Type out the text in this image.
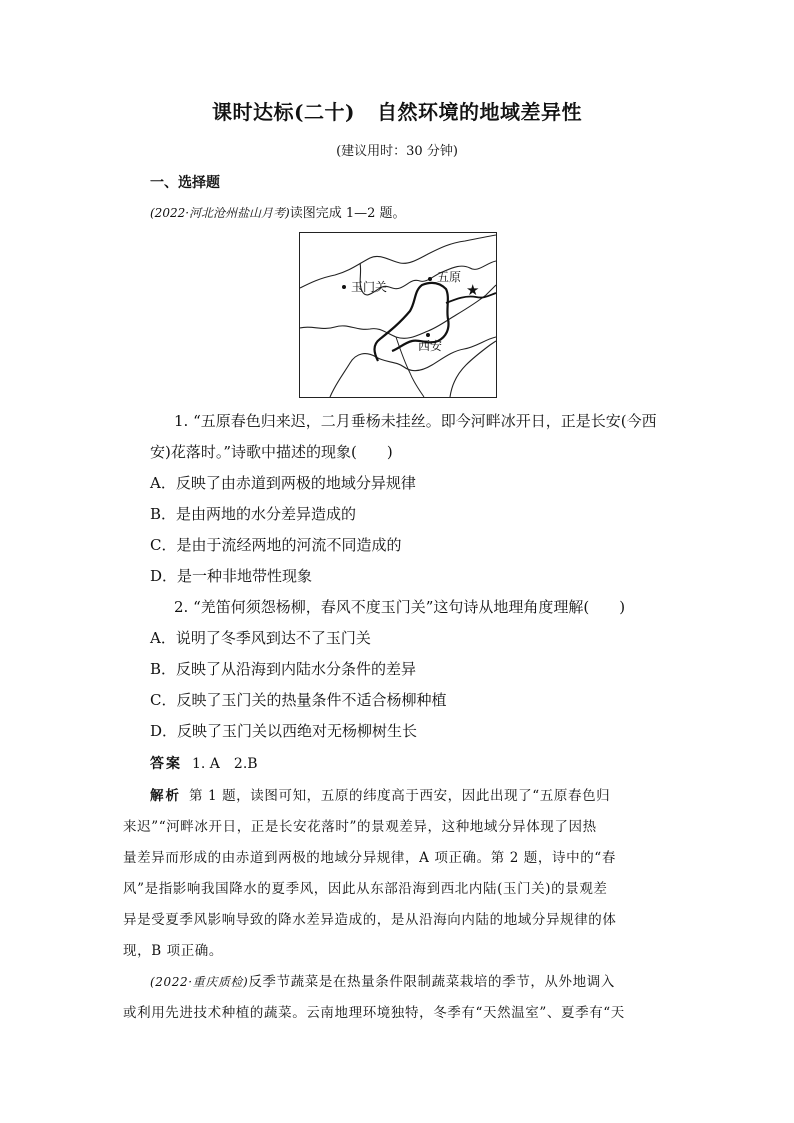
课时达标(二十) 自然环境的地域差异性
(建议用时：30 分钟)
一、选择题
(2022·河北沧州盐山月考)读图完成 1—2 题。
玉门关
五原
西安
★
1. “五原春色归来迟，二月垂杨未挂丝。即今河畔冰开日，正是长安(今西
安)花落时。”诗歌中描述的现象(　　)
A．反映了由赤道到两极的地域分异规律
B．是由两地的水分差异造成的
C．是由于流经两地的河流不同造成的
D．是一种非地带性现象
2. “羌笛何须怨杨柳，春风不度玉门关”这句诗从地理角度理解(　　)
A．说明了冬季风到达不了玉门关
B．反映了从沿海到内陆水分条件的差异
C．反映了玉门关的热量条件不适合杨柳种植
D．反映了玉门关以西绝对无杨柳树生长
答案 1. A　2.B
解析 第 1 题，读图可知，五原的纬度高于西安，因此出现了“五原春色归
来迟”“河畔冰开日，正是长安花落时”的景观差异，这种地域分异体现了因热
量差异而形成的由赤道到两极的地域分异规律，A 项正确。第 2 题，诗中的“春
风”是指影响我国降水的夏季风，因此从东部沿海到西北内陆(玉门关)的景观差
异是受夏季风影响导致的降水差异造成的，是从沿海向内陆的地域分异规律的体
现，B 项正确。
(2022·重庆质检)反季节蔬菜是在热量条件限制蔬菜栽培的季节，从外地调入
或利用先进技术种植的蔬菜。云南地理环境独特，冬季有“天然温室”、夏季有“天
